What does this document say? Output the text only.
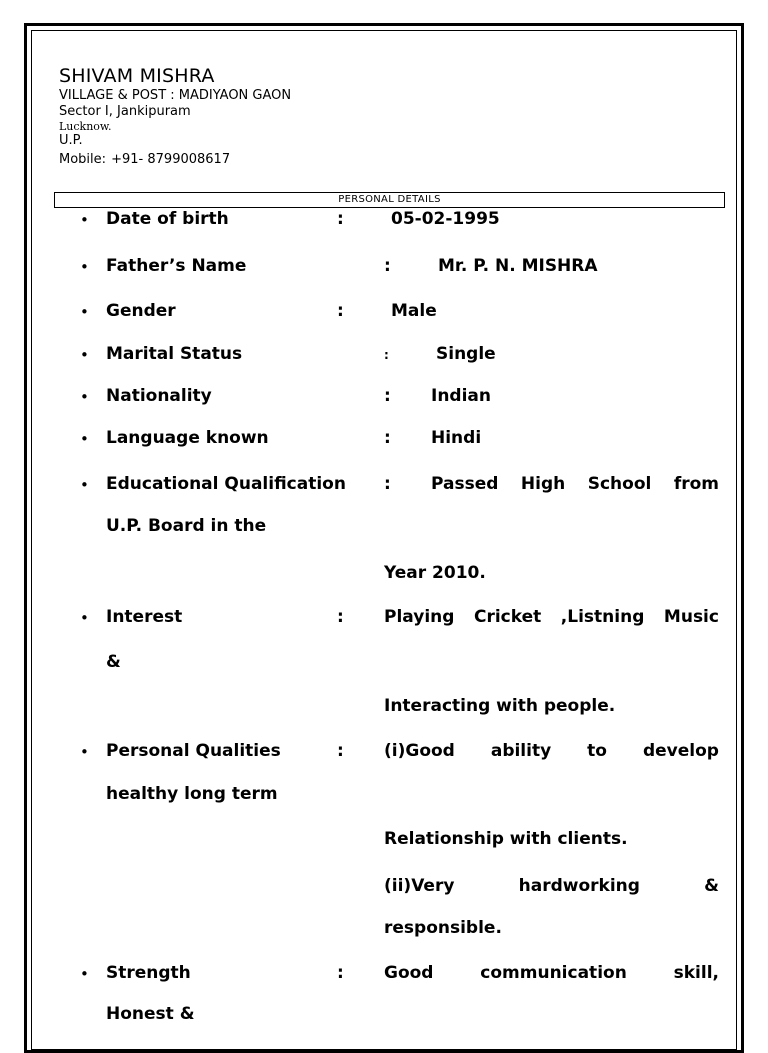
SHIVAM MISHRA
VILLAGE & POST : MADIYAON GAON
Sector I, Jankipuram
Lucknow.
U.P.
Mobile: +91- 8799008617
PERSONAL DETAILS
• Date of birth	:	05-02-1995
• Father’s Name	:	Mr. P. N. MISHRA
• Gender	:	Male
• Marital Status	:	Single
• Nationality	: Indian
• Language known	: Hindi
• Educational Qualification : Passed High School from
U.P. Board in the
Year 2010.
• Interest	: Playing Cricket ,Listning Music
&
Interacting with people.
• Personal Qualities	: (i)Good ability to develop
healthy long term
Relationship with clients.
(ii)Very	hardworking	&
responsible.
• Strength	: Good	communication	skill,
Honest &
